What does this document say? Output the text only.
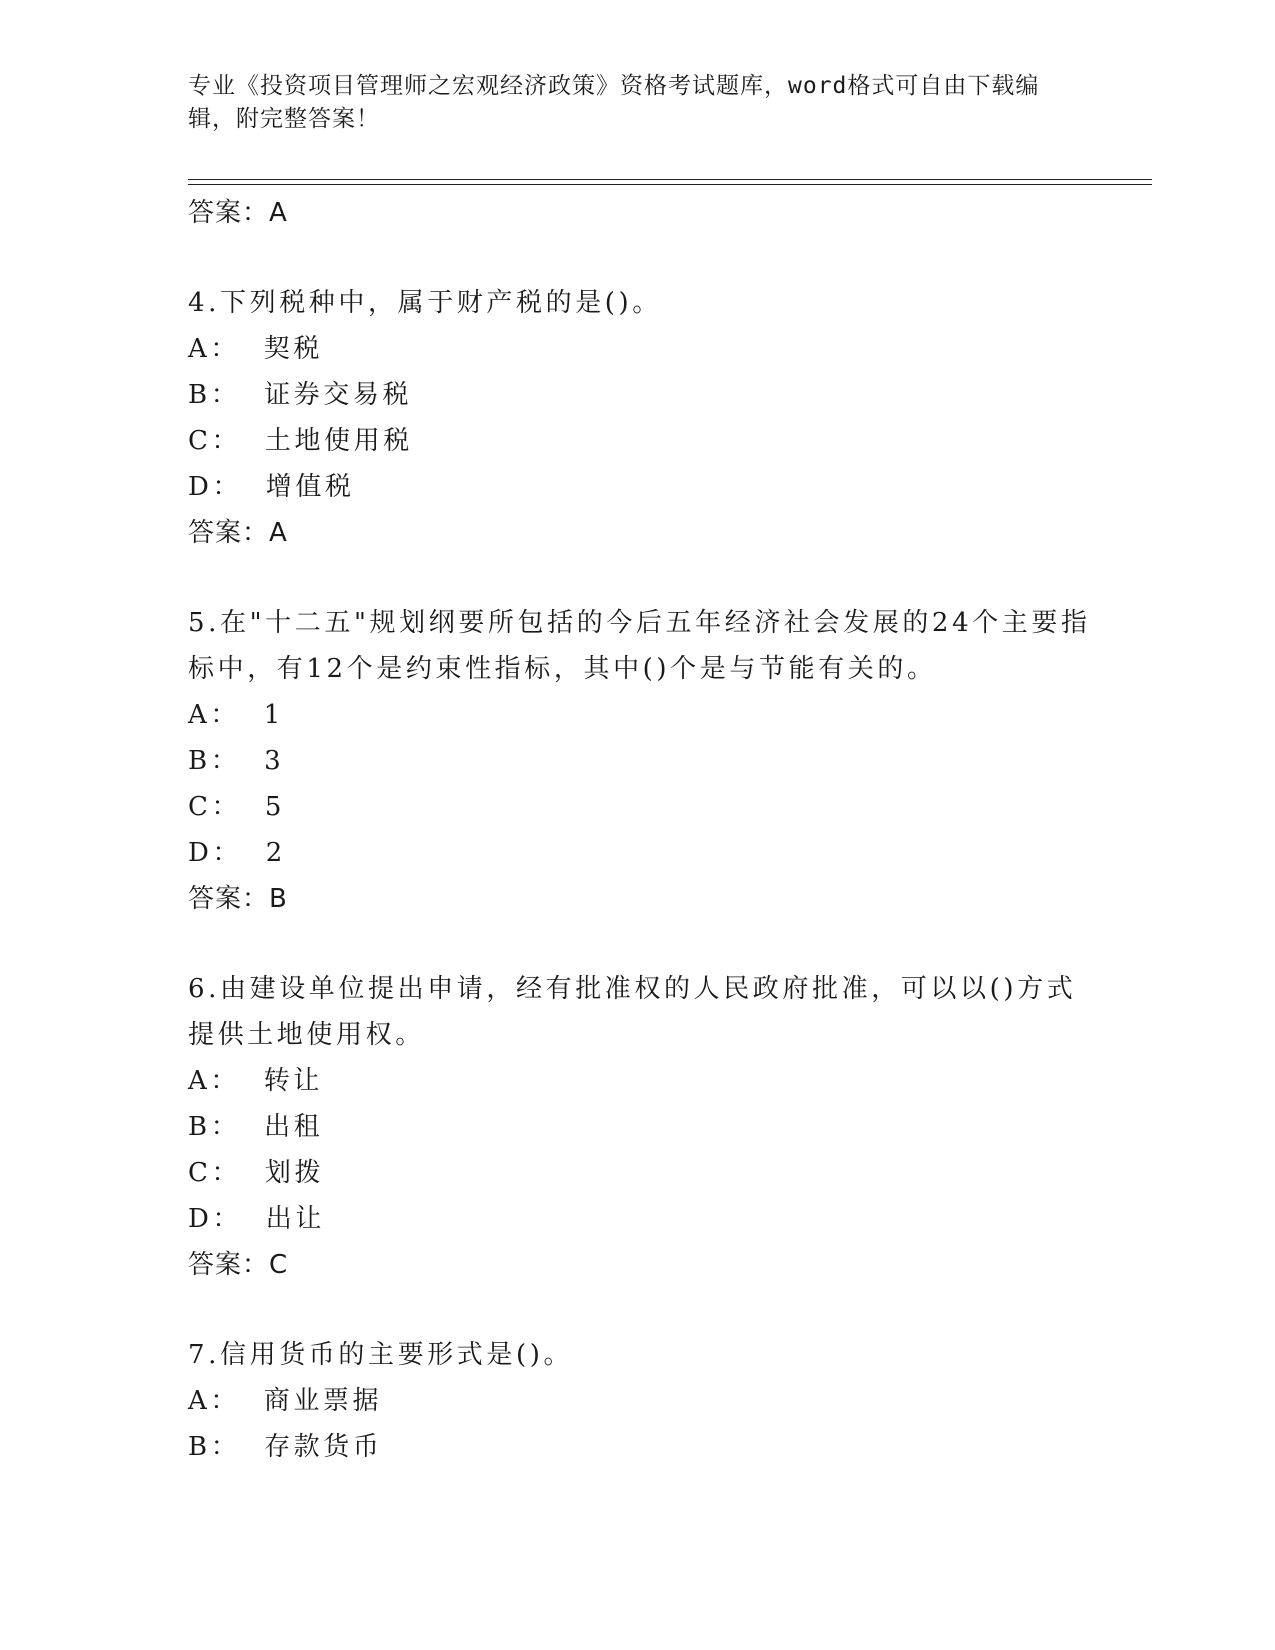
专业《投资项目管理师之宏观经济政策》资格考试题库，word格式可自由下载编
辑，附完整答案！
答案：A
4.下列税种中，属于财产税的是()。
A：  契税
B：  证券交易税
C：  土地使用税
D：  增值税
答案：A
5.在"十二五"规划纲要所包括的今后五年经济社会发展的24个主要指
标中，有12个是约束性指标，其中()个是与节能有关的。
A：  1
B：  3
C：  5
D：  2
答案：B
6.由建设单位提出申请，经有批准权的人民政府批准，可以以()方式
提供土地使用权。
A：  转让
B：  出租
C：  划拨
D：  出让
答案：C
7.信用货币的主要形式是()。
A：  商业票据
B：  存款货币
